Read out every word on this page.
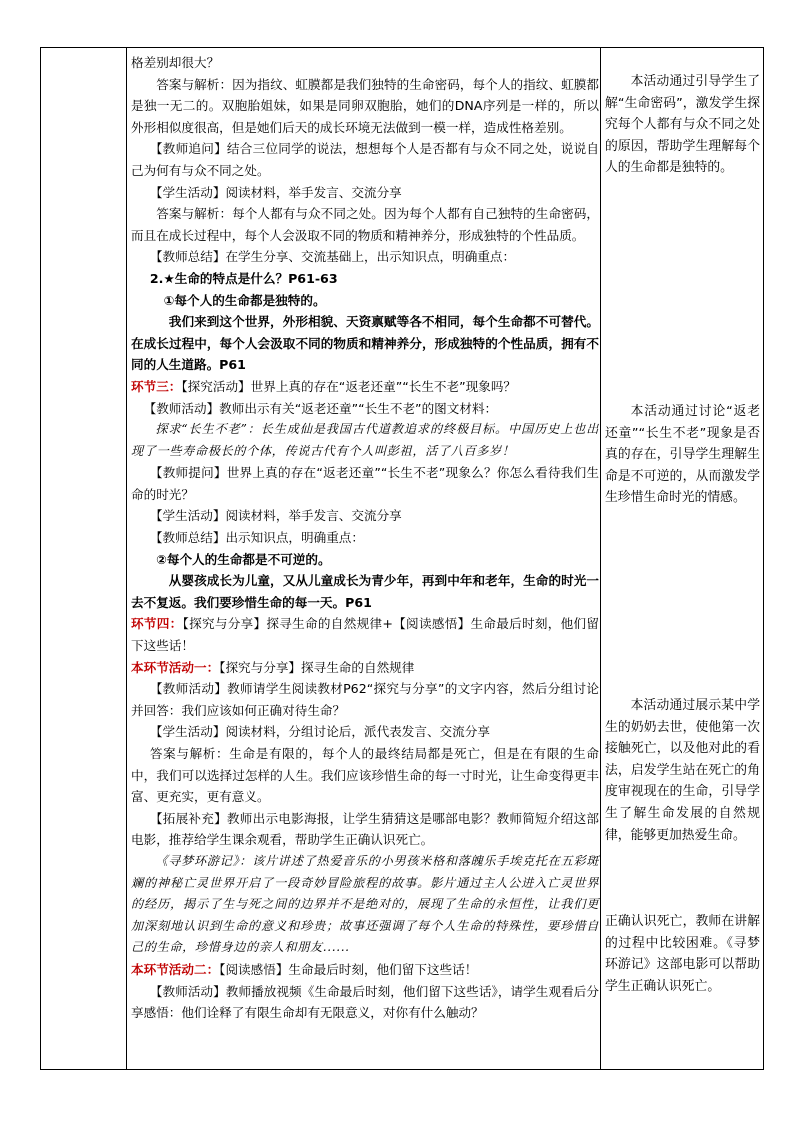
格差别却很大？

答案与解析：因为指纹、虹膜都是我们独特的生命密码，每个人的指纹、虹膜都是独一无二的。双胞胎姐妹，如果是同卵双胞胎，她们的DNA序列是一样的，所以外形相似度很高，但是她们后天的成长环境无法做到一模一样，造成性格差别。

【教师追问】结合三位同学的说法，想想每个人是否都有与众不同之处，说说自己为何有与众不同之处。

【学生活动】阅读材料，举手发言、交流分享

答案与解析：每个人都有与众不同之处。因为每个人都有自己独特的生命密码，而且在成长过程中，每个人会汲取不同的物质和精神养分，形成独特的个性品质。

【教师总结】在学生分享、交流基础上，出示知识点，明确重点：

2.★生命的特点是什么？P61-63

①每个人的生命都是独特的。

我们来到这个世界，外形相貌、天资禀赋等各不相同，每个生命都不可替代。在成长过程中，每个人会汲取不同的物质和精神养分，形成独特的个性品质，拥有不同的人生道路。P61

环节三：【探究活动】世界上真的存在“返老还童”“长生不老”现象吗？

【教师活动】教师出示有关“返老还童”“长生不老”的图文材料：

探求“长生不老”：长生成仙是我国古代道教追求的终极目标。中国历史上也出现了一些寿命极长的个体，传说古代有个人叫彭祖，活了八百多岁！

【教师提问】世界上真的存在“返老还童”“长生不老”现象么？你怎么看待我们生命的时光？

【学生活动】阅读材料，举手发言、交流分享

【教师总结】出示知识点，明确重点：

②每个人的生命都是不可逆的。

从婴孩成长为儿童，又从儿童成长为青少年，再到中年和老年，生命的时光一去不复返。我们要珍惜生命的每一天。P61

环节四：【探究与分享】探寻生命的自然规律+【阅读感悟】生命最后时刻，他们留下这些话！

本环节活动一：【探究与分享】探寻生命的自然规律

【教师活动】教师请学生阅读教材P62“探究与分享”的文字内容，然后分组讨论并回答：我们应该如何正确对待生命？

【学生活动】阅读材料，分组讨论后，派代表发言、交流分享

答案与解析：生命是有限的，每个人的最终结局都是死亡，但是在有限的生命中，我们可以选择过怎样的人生。我们应该珍惜生命的每一寸时光，让生命变得更丰富、更充实，更有意义。

【拓展补充】教师出示电影海报，让学生猜猜这是哪部电影？教师简短介绍这部电影，推荐给学生课余观看，帮助学生正确认识死亡。

《寻梦环游记》：该片讲述了热爱音乐的小男孩米格和落魄乐手埃克托在五彩斑斓的神秘亡灵世界开启了一段奇妙冒险旅程的故事。影片通过主人公进入亡灵世界的经历，揭示了生与死之间的边界并不是绝对的，展现了生命的永恒性，让我们更加深刻地认识到生命的意义和珍贵；故事还强调了每个人生命的特殊性，要珍惜自己的生命，珍惜身边的亲人和朋友......

本环节活动二：【阅读感悟】生命最后时刻，他们留下这些话！

【教师活动】教师播放视频《生命最后时刻，他们留下这些话》，请学生观看后分享感悟：他们诠释了有限生命却有无限意义，对你有什么触动？

本活动通过引导学生了解“生命密码”，激发学生探究每个人都有与众不同之处的原因，帮助学生理解每个人的生命都是独特的。

本活动通过讨论“返老还童”“长生不老”现象是否真的存在，引导学生理解生命是不可逆的，从而激发学生珍惜生命时光的情感。

本活动通过展示某中学生的奶奶去世，使他第一次接触死亡，以及他对此的看法，启发学生站在死亡的角度审视现在的生命，引导学生了解生命发展的自然规律，能够更加热爱生命。

正确认识死亡，教师在讲解的过程中比较困难。《寻梦环游记》这部电影可以帮助学生正确认识死亡。
